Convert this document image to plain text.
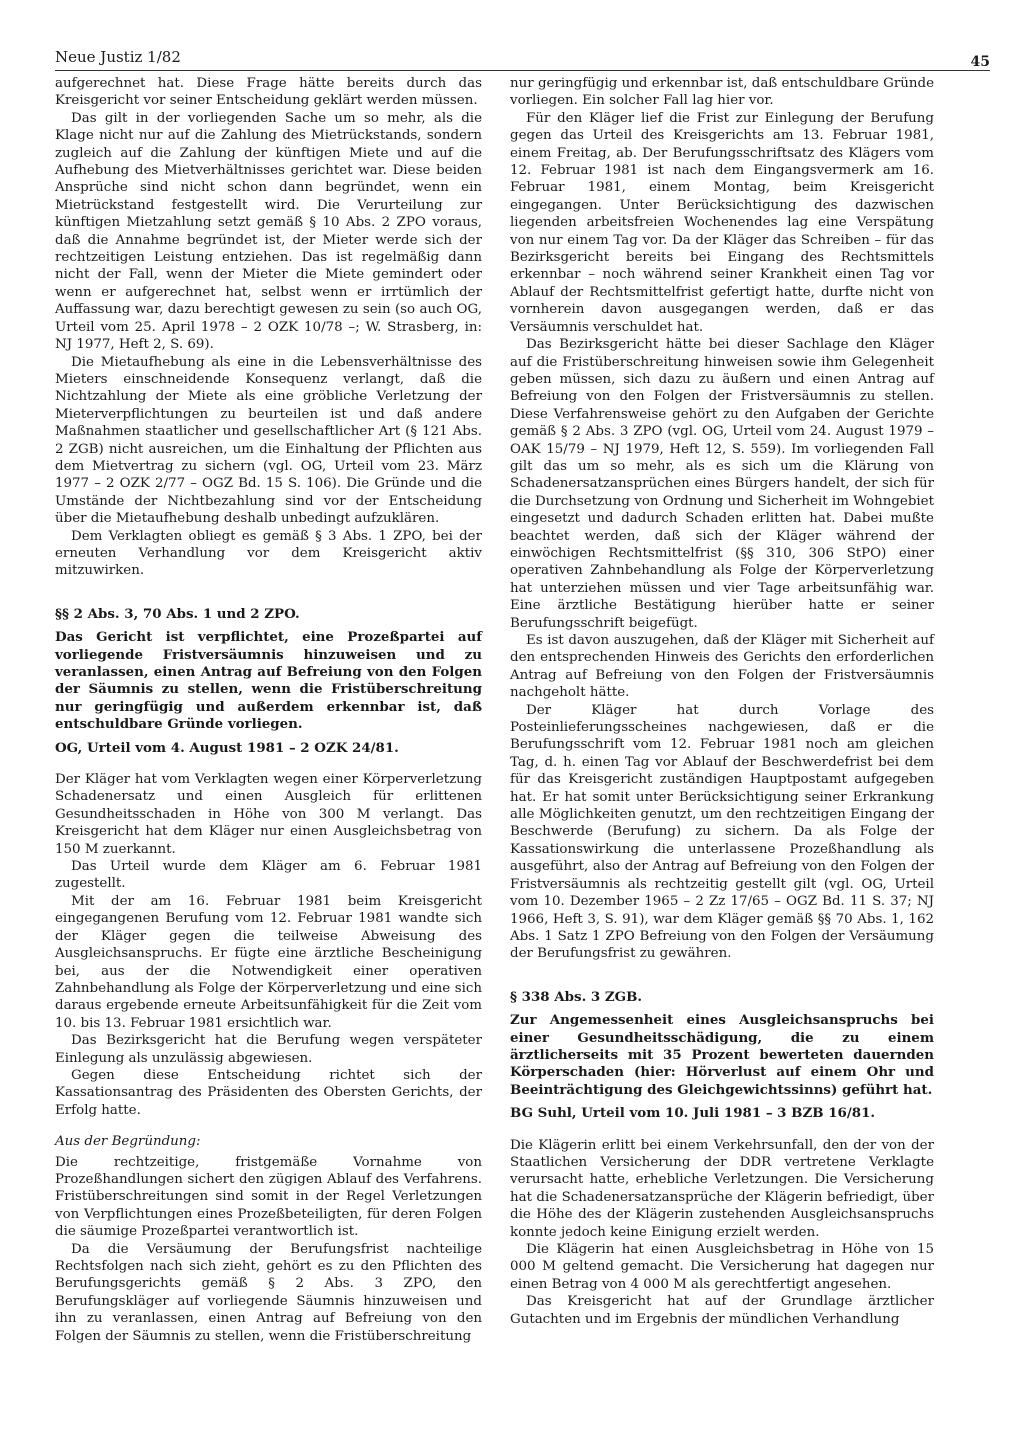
Neue Justiz 1/82	45

aufgerechnet hat. Diese Frage hätte bereits durch das Kreisgericht vor seiner Entscheidung geklärt werden müssen.

Das gilt in der vorliegenden Sache um so mehr, als die Klage nicht nur auf die Zahlung des Mietrückstands, sondern zugleich auf die Zahlung der künftigen Miete und auf die Aufhebung des Mietverhältnisses gerichtet war. Diese beiden Ansprüche sind nicht schon dann begründet, wenn ein Mietrückstand festgestellt wird. Die Verurteilung zur künftigen Mietzahlung setzt gemäß § 10 Abs. 2 ZPO voraus, daß die Annahme begründet ist, der Mieter werde sich der rechtzeitigen Leistung entziehen. Das ist regelmäßig dann nicht der Fall, wenn der Mieter die Miete gemindert oder wenn er aufgerechnet hat, selbst wenn er irrtümlich der Auffassung war, dazu berechtigt gewesen zu sein (so auch OG, Urteil vom 25. April 1978 – 2 OZK 10/78 –; W. Strasberg, in: NJ 1977, Heft 2, S. 69).

Die Mietaufhebung als eine in die Lebensverhältnisse des Mieters einschneidende Konsequenz verlangt, daß die Nichtzahlung der Miete als eine gröbliche Verletzung der Mieterverpflichtungen zu beurteilen ist und daß andere Maßnahmen staatlicher und gesellschaftlicher Art (§ 121 Abs. 2 ZGB) nicht ausreichen, um die Einhaltung der Pflichten aus dem Mietvertrag zu sichern (vgl. OG, Urteil vom 23. März 1977 – 2 OZK 2/77 – OGZ Bd. 15 S. 106). Die Gründe und die Umstände der Nichtbezahlung sind vor der Entscheidung über die Mietaufhebung deshalb unbedingt aufzuklären.

Dem Verklagten obliegt es gemäß § 3 Abs. 1 ZPO, bei der erneuten Verhandlung vor dem Kreisgericht aktiv mitzuwirken.

§§ 2 Abs. 3, 70 Abs. 1 und 2 ZPO.

Das Gericht ist verpflichtet, eine Prozeßpartei auf vorliegende Fristversäumnis hinzuweisen und zu veranlassen, einen Antrag auf Befreiung von den Folgen der Säumnis zu stellen, wenn die Fristüberschreitung nur geringfügig und außerdem erkennbar ist, daß entschuldbare Gründe vorliegen.

OG, Urteil vom 4. August 1981 – 2 OZK 24/81.

Der Kläger hat vom Verklagten wegen einer Körperverletzung Schadenersatz und einen Ausgleich für erlittenen Gesundheitsschaden in Höhe von 300 M verlangt. Das Kreisgericht hat dem Kläger nur einen Ausgleichsbetrag von 150 M zuerkannt.

Das Urteil wurde dem Kläger am 6. Februar 1981 zugestellt.

Mit der am 16. Februar 1981 beim Kreisgericht eingegangenen Berufung vom 12. Februar 1981 wandte sich der Kläger gegen die teilweise Abweisung des Ausgleichsanspruchs. Er fügte eine ärztliche Bescheinigung bei, aus der die Notwendigkeit einer operativen Zahnbehandlung als Folge der Körperverletzung und eine sich daraus ergebende erneute Arbeitsunfähigkeit für die Zeit vom 10. bis 13. Februar 1981 ersichtlich war.

Das Bezirksgericht hat die Berufung wegen verspäteter Einlegung als unzulässig abgewiesen.

Gegen diese Entscheidung richtet sich der Kassationsantrag des Präsidenten des Obersten Gerichts, der Erfolg hatte.

Aus der Begründung:

Die rechtzeitige, fristgemäße Vornahme von Prozeßhandlungen sichert den zügigen Ablauf des Verfahrens. Fristüberschreitungen sind somit in der Regel Verletzungen von Verpflichtungen eines Prozeßbeteiligten, für deren Folgen die säumige Prozeßpartei verantwortlich ist.

Da die Versäumung der Berufungsfrist nachteilige Rechtsfolgen nach sich zieht, gehört es zu den Pflichten des Berufungsgerichts gemäß § 2 Abs. 3 ZPO, den Berufungskläger auf vorliegende Säumnis hinzuweisen und ihn zu veranlassen, einen Antrag auf Befreiung von den Folgen der Säumnis zu stellen, wenn die Fristüberschreitung

nur geringfügig und erkennbar ist, daß entschuldbare Gründe vorliegen. Ein solcher Fall lag hier vor.

Für den Kläger lief die Frist zur Einlegung der Berufung gegen das Urteil des Kreisgerichts am 13. Februar 1981, einem Freitag, ab. Der Berufungsschriftsatz des Klägers vom 12. Februar 1981 ist nach dem Eingangsvermerk am 16. Februar 1981, einem Montag, beim Kreisgericht eingegangen. Unter Berücksichtigung des dazwischen liegenden arbeitsfreien Wochenendes lag eine Verspätung von nur einem Tag vor. Da der Kläger das Schreiben – für das Bezirksgericht bereits bei Eingang des Rechtsmittels erkennbar – noch während seiner Krankheit einen Tag vor Ablauf der Rechtsmittelfrist gefertigt hatte, durfte nicht von vornherein davon ausgegangen werden, daß er das Versäumnis verschuldet hat.

Das Bezirksgericht hätte bei dieser Sachlage den Kläger auf die Fristüberschreitung hinweisen sowie ihm Gelegenheit geben müssen, sich dazu zu äußern und einen Antrag auf Befreiung von den Folgen der Fristversäumnis zu stellen. Diese Verfahrensweise gehört zu den Aufgaben der Gerichte gemäß § 2 Abs. 3 ZPO (vgl. OG, Urteil vom 24. August 1979 – OAK 15/79 – NJ 1979, Heft 12, S. 559). Im vorliegenden Fall gilt das um so mehr, als es sich um die Klärung von Schadenersatzansprüchen eines Bürgers handelt, der sich für die Durchsetzung von Ordnung und Sicherheit im Wohngebiet eingesetzt und dadurch Schaden erlitten hat. Dabei mußte beachtet werden, daß sich der Kläger während der einwöchigen Rechtsmittelfrist (§§ 310, 306 StPO) einer operativen Zahnbehandlung als Folge der Körperverletzung hat unterziehen müssen und vier Tage arbeitsunfähig war. Eine ärztliche Bestätigung hierüber hatte er seiner Berufungsschrift beigefügt.

Es ist davon auszugehen, daß der Kläger mit Sicherheit auf den entsprechenden Hinweis des Gerichts den erforderlichen Antrag auf Befreiung von den Folgen der Fristversäumnis nachgeholt hätte.

Der Kläger hat durch Vorlage des Posteinlieferungsscheines nachgewiesen, daß er die Berufungsschrift vom 12. Februar 1981 noch am gleichen Tag, d. h. einen Tag vor Ablauf der Beschwerdefrist bei dem für das Kreisgericht zuständigen Hauptpostamt aufgegeben hat. Er hat somit unter Berücksichtigung seiner Erkrankung alle Möglichkeiten genutzt, um den rechtzeitigen Eingang der Beschwerde (Berufung) zu sichern. Da als Folge der Kassationswirkung die unterlassene Prozeßhandlung als ausgeführt, also der Antrag auf Befreiung von den Folgen der Fristversäumnis als rechtzeitig gestellt gilt (vgl. OG, Urteil vom 10. Dezember 1965 – 2 Zz 17/65 – OGZ Bd. 11 S. 37; NJ 1966, Heft 3, S. 91), war dem Kläger gemäß §§ 70 Abs. 1, 162 Abs. 1 Satz 1 ZPO Befreiung von den Folgen der Versäumung der Berufungsfrist zu gewähren.

§ 338 Abs. 3 ZGB.

Zur Angemessenheit eines Ausgleichsanspruchs bei einer Gesundheitsschädigung, die zu einem ärztlicherseits mit 35 Prozent bewerteten dauernden Körperschaden (hier: Hörverlust auf einem Ohr und Beeinträchtigung des Gleichgewichtssinns) geführt hat.

BG Suhl, Urteil vom 10. Juli 1981 – 3 BZB 16/81.

Die Klägerin erlitt bei einem Verkehrsunfall, den der von der Staatlichen Versicherung der DDR vertretene Verklagte verursacht hatte, erhebliche Verletzungen. Die Versicherung hat die Schadenersatzansprüche der Klägerin befriedigt, über die Höhe des der Klägerin zustehenden Ausgleichsanspruchs konnte jedoch keine Einigung erzielt werden.

Die Klägerin hat einen Ausgleichsbetrag in Höhe von 15 000 M geltend gemacht. Die Versicherung hat dagegen nur einen Betrag von 4 000 M als gerechtfertigt angesehen.

Das Kreisgericht hat auf der Grundlage ärztlicher Gutachten und im Ergebnis der mündlichen Verhandlung
